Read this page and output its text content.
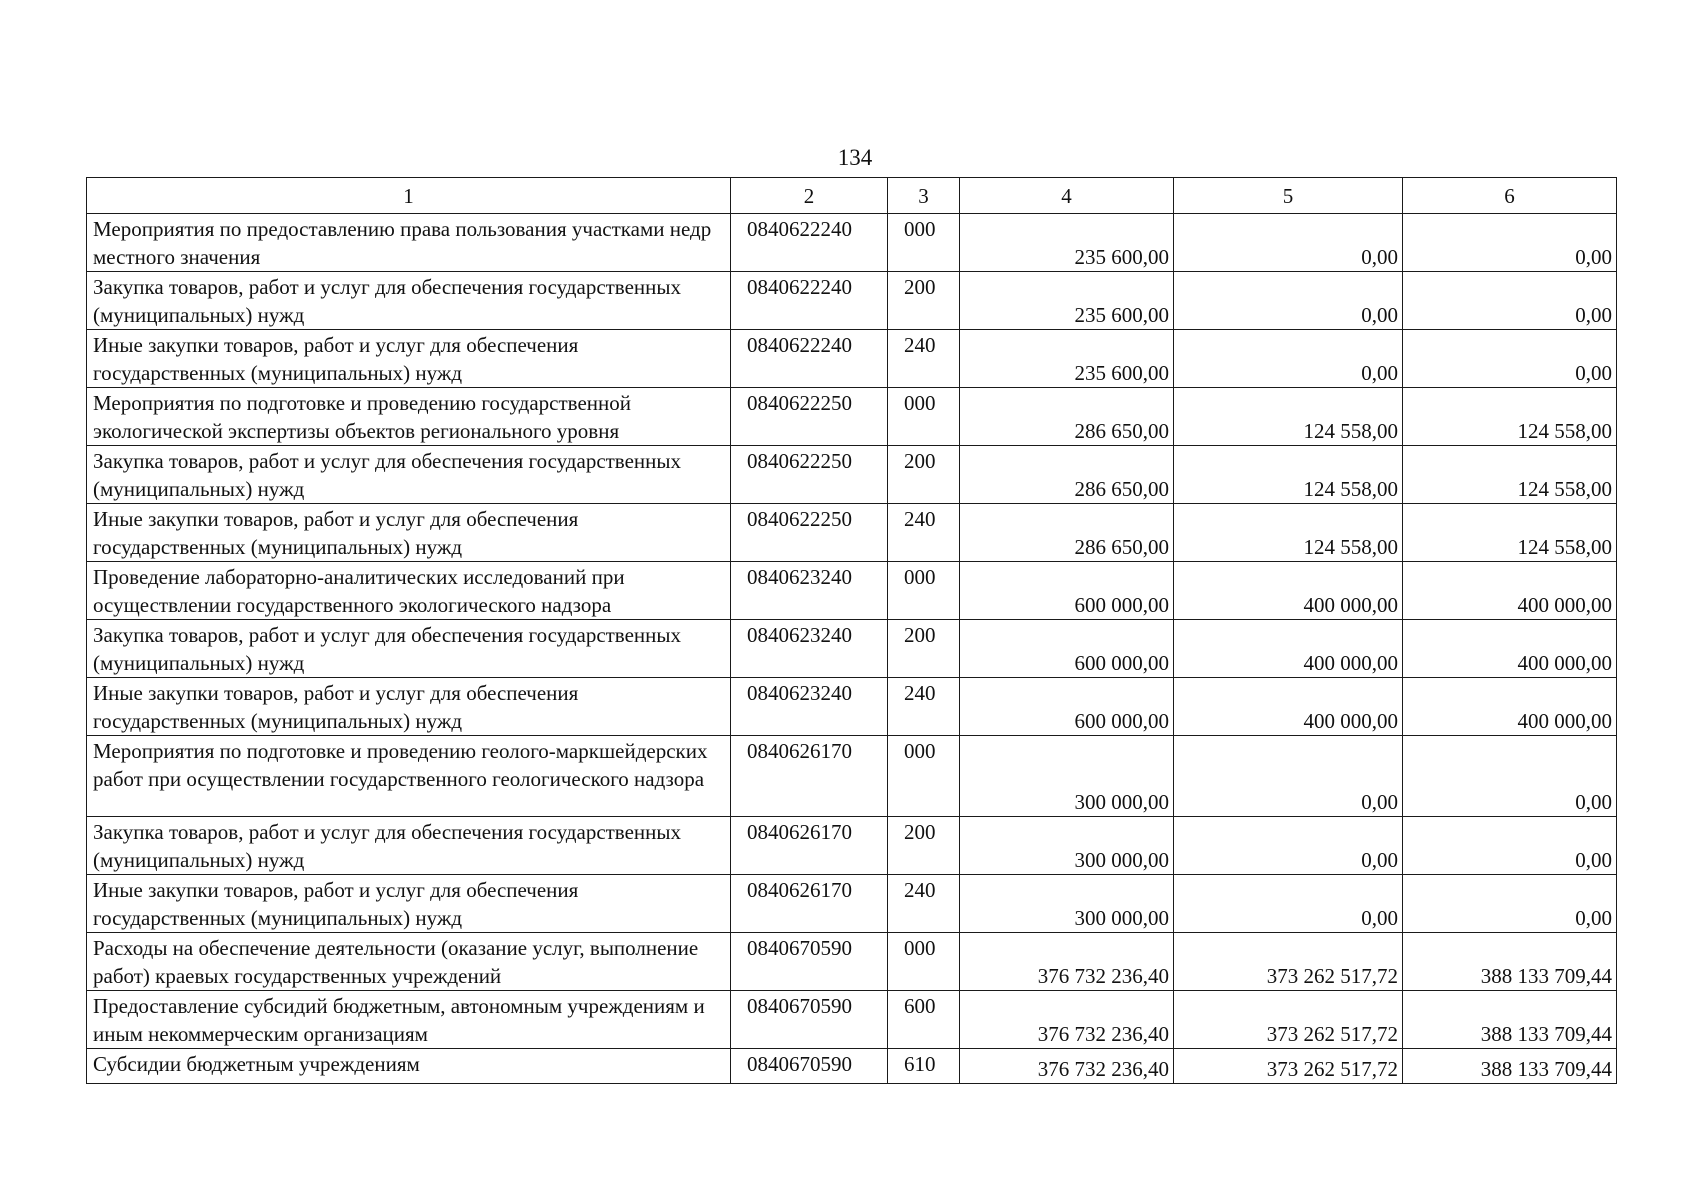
134
1	2	3	4	5	6
Мероприятия по предоставлению права пользования участками недр местного значения	0840622240	000	235 600,00	0,00	0,00
Закупка товаров, работ и услуг для обеспечения государственных (муниципальных) нужд	0840622240	200	235 600,00	0,00	0,00
Иные закупки товаров, работ и услуг для обеспечения государственных (муниципальных) нужд	0840622240	240	235 600,00	0,00	0,00
Мероприятия по подготовке и проведению государственной экологической экспертизы объектов регионального уровня	0840622250	000	286 650,00	124 558,00	124 558,00
Закупка товаров, работ и услуг для обеспечения государственных (муниципальных) нужд	0840622250	200	286 650,00	124 558,00	124 558,00
Иные закупки товаров, работ и услуг для обеспечения государственных (муниципальных) нужд	0840622250	240	286 650,00	124 558,00	124 558,00
Проведение лабораторно-аналитических исследований при осуществлении государственного экологического надзора	0840623240	000	600 000,00	400 000,00	400 000,00
Закупка товаров, работ и услуг для обеспечения государственных (муниципальных) нужд	0840623240	200	600 000,00	400 000,00	400 000,00
Иные закупки товаров, работ и услуг для обеспечения государственных (муниципальных) нужд	0840623240	240	600 000,00	400 000,00	400 000,00
Мероприятия по подготовке и проведению геолого-маркшейдерских работ при осуществлении государственного геологического надзора	0840626170	000	300 000,00	0,00	0,00
Закупка товаров, работ и услуг для обеспечения государственных (муниципальных) нужд	0840626170	200	300 000,00	0,00	0,00
Иные закупки товаров, работ и услуг для обеспечения государственных (муниципальных) нужд	0840626170	240	300 000,00	0,00	0,00
Расходы на обеспечение деятельности (оказание услуг, выполнение работ) краевых государственных учреждений	0840670590	000	376 732 236,40	373 262 517,72	388 133 709,44
Предоставление субсидий бюджетным, автономным учреждениям и иным некоммерческим организациям	0840670590	600	376 732 236,40	373 262 517,72	388 133 709,44
Субсидии бюджетным учреждениям	0840670590	610	376 732 236,40	373 262 517,72	388 133 709,44
